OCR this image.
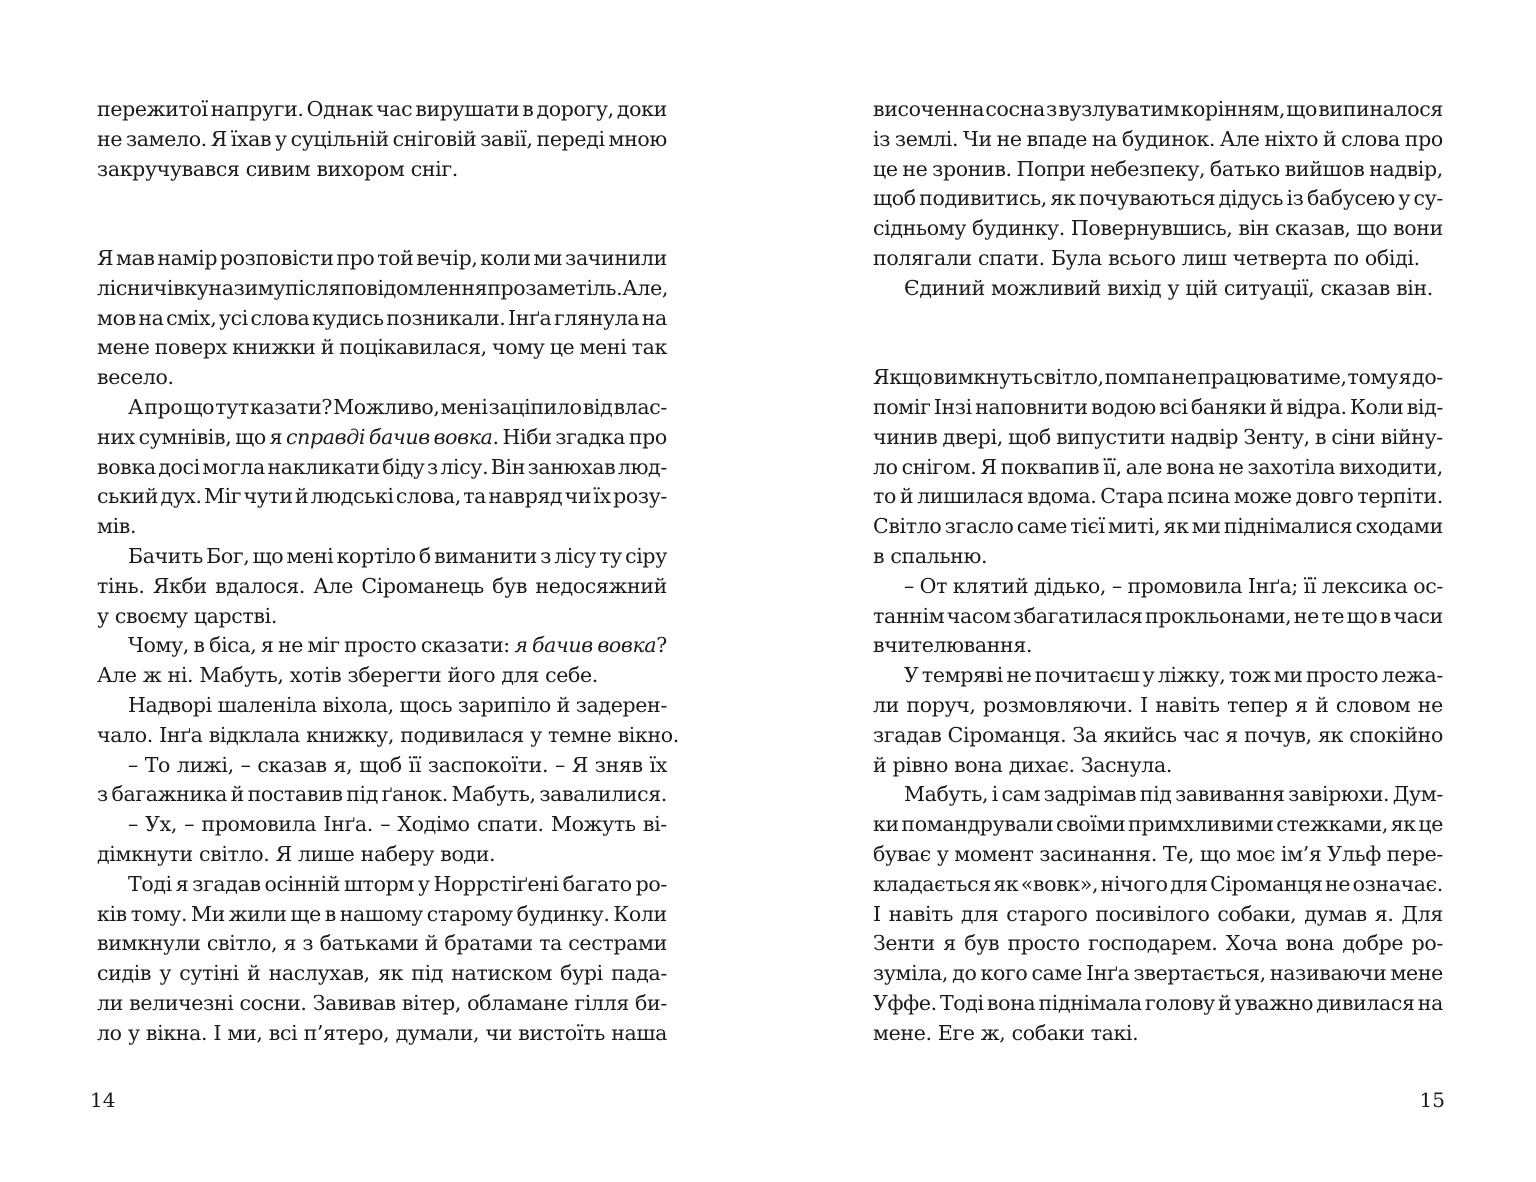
пережитої напруги. Однак час вирушати в дорогу, доки
не замело. Я їхав у суцільній сніговій завії, переді мною
закручувався сивим вихором сніг.
Я мав намір розповісти про той вечір, коли ми зачинили
лісничівку на зиму після повідомлення про заметіль. Але,
мов на сміх, усі слова кудись позникали. Інґа глянула на
мене поверх книжки й поцікавилася, чому це мені так
весело.
А про що тут казати? Можливо, мені заціпило від влас-
них сумнівів, що я справді бачив вовка. Ніби згадка про
вовка досі могла накликати біду з лісу. Він занюхав люд-
ський дух. Міг чути й людські слова, та навряд чи їх розу-
мів.
Бачить Бог, що мені кортіло б виманити з лісу ту сіру
тінь. Якби вдалося. Але Сіроманець був недосяжний
у своєму царстві.
Чому, в біса, я не міг просто сказати: я бачив вовка?
Але ж ні. Мабуть, хотів зберегти його для себе.
Надворі шаленіла віхола, щось зарипіло й задерен-
чало. Інґа відклала книжку, подивилася у темне вікно.
– То лижі, – сказав я, щоб її заспокоїти. – Я зняв їх
з багажника й поставив під ґанок. Мабуть, завалилися.
– Ух, – промовила Інґа. – Ходімо спати. Можуть ві-
дімкнути світло. Я лише наберу води.
Тоді я згадав осінній шторм у Норрстіґені багато ро-
ків тому. Ми жили ще в нашому старому будинку. Коли
вимкнули світло, я з батьками й братами та сестрами
сидів у сутіні й наслухав, як під натиском бурі пада-
ли величезні сосни. Завивав вітер, обламане гілля би-
ло у вікна. І ми, всі п’ятеро, думали, чи вистоїть наша
14
височенна сосна з вузлуватим корінням, що випиналося
із землі. Чи не впаде на будинок. Але ніхто й слова про
це не зронив. Попри небезпеку, батько вийшов надвір,
щоб подивитись, як почуваються дідусь із бабусею у су-
сідньому будинку. Повернувшись, він сказав, що вони
полягали спати. Була всього лиш четверта по обіді.
Єдиний можливий вихід у цій ситуації, сказав він.
Якщо вимкнуть світло, помпа не працюватиме, тому я до-
поміг Інзі наповнити водою всі баняки й відра. Коли від-
чинив двері, щоб випустити надвір Зенту, в сіни війну-
ло снігом. Я поквапив її, але вона не захотіла виходити,
то й лишилася вдома. Стара псина може довго терпіти.
Світло згасло саме тієї миті, як ми піднімалися сходами
в спальню.
– От клятий дідько, – промовила Інґа; її лексика ос-
таннім часом збагатилася прокльонами, не те що в часи
вчителювання.
У темряві не почитаєш у ліжку, тож ми просто лежа-
ли поруч, розмовляючи. І навіть тепер я й словом не
згадав Сіроманця. За якийсь час я почув, як спокійно
й рівно вона дихає. Заснула.
Мабуть, і сам задрімав під завивання завірюхи. Дум-
ки помандрували своїми примхливими стежками, як це
буває у момент засинання. Те, що моє ім’я Ульф пере-
кладається як «вовк», нічого для Сіроманця не означає.
І навіть для старого посивілого собаки, думав я. Для
Зенти я був просто господарем. Хоча вона добре ро-
зуміла, до кого саме Інґа звертається, називаючи мене
Уффе. Тоді вона піднімала голову й уважно дивилася на
мене. Еге ж, собаки такі.
15
